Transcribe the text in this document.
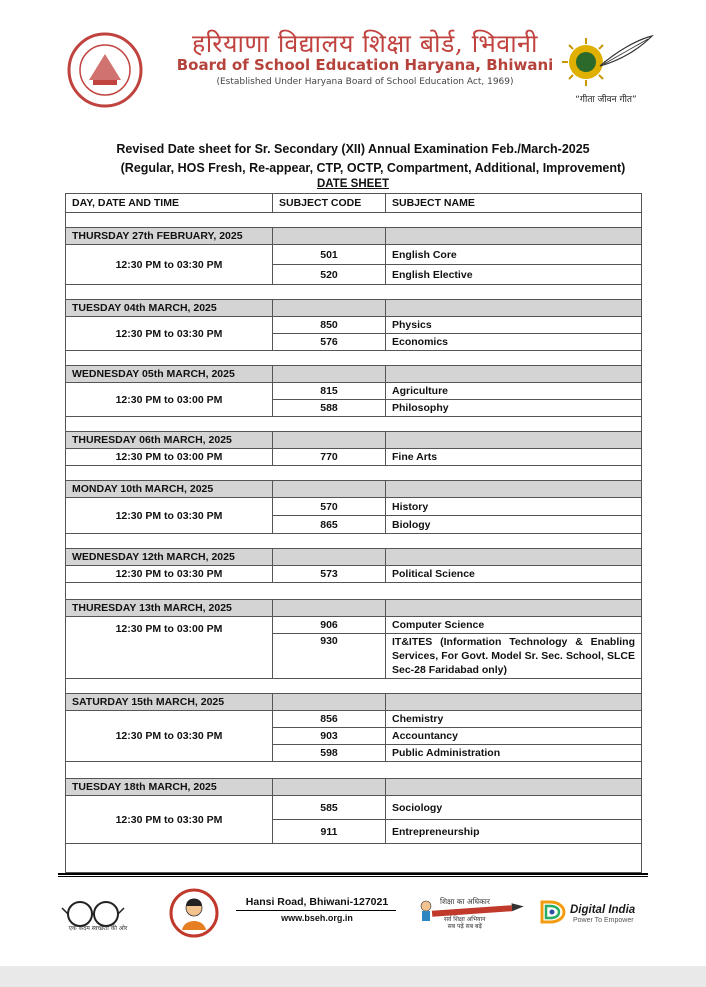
हरियाणा विद्यालय शिक्षा बोर्ड, भिवानी
Board of School Education Haryana, Bhiwani
(Established Under Haryana Board of School Education Act, 1969)
“गीता जीवन गीत”
Revised Date sheet for Sr. Secondary (XII) Annual Examination Feb./March-2025
(Regular, HOS Fresh, Re-appear, CTP, OCTP, Compartment, Additional, Improvement)
DATE SHEET
DAY, DATE AND TIME	SUBJECT CODE	SUBJECT NAME

THURSDAY 27th FEBRUARY, 2025		
12:30 PM to 03:30 PM	501	English Core
	520	English Elective

TUESDAY 04th MARCH, 2025		
12:30 PM to 03:30 PM	850	Physics
	576	Economics

WEDNESDAY 05th MARCH, 2025		
12:30 PM to 03:00 PM	815	Agriculture
	588	Philosophy

THURESDAY 06th MARCH, 2025		
12:30 PM to 03:00 PM	770	Fine Arts

MONDAY 10th MARCH, 2025		
12:30 PM to 03:30 PM	570	History
	865	Biology

WEDNESDAY 12th MARCH, 2025		
12:30 PM to 03:30 PM	573	Political Science

THURESDAY 13th MARCH, 2025		
12:30 PM to 03:00 PM	906	Computer Science
	930	IT&ITES (Information Technology & Enabling Services, For Govt. Model Sr. Sec. School, SLCE Sec-28 Faridabad only)

SATURDAY 15th MARCH, 2025		
12:30 PM to 03:30 PM	856	Chemistry
	903	Accountancy
	598	Public Administration

TUESDAY 18th MARCH, 2025		
12:30 PM to 03:30 PM	585	Sociology
	911	Entrepreneurship

एक कदम स्वच्छता की ओर
Hansi Road, Bhiwani-127021
www.bseh.org.in
शिक्षा का अधिकार
सर्व शिक्षा अभियान
सब पढ़ें सब बढ़ें
Digital India
Power To Empower
